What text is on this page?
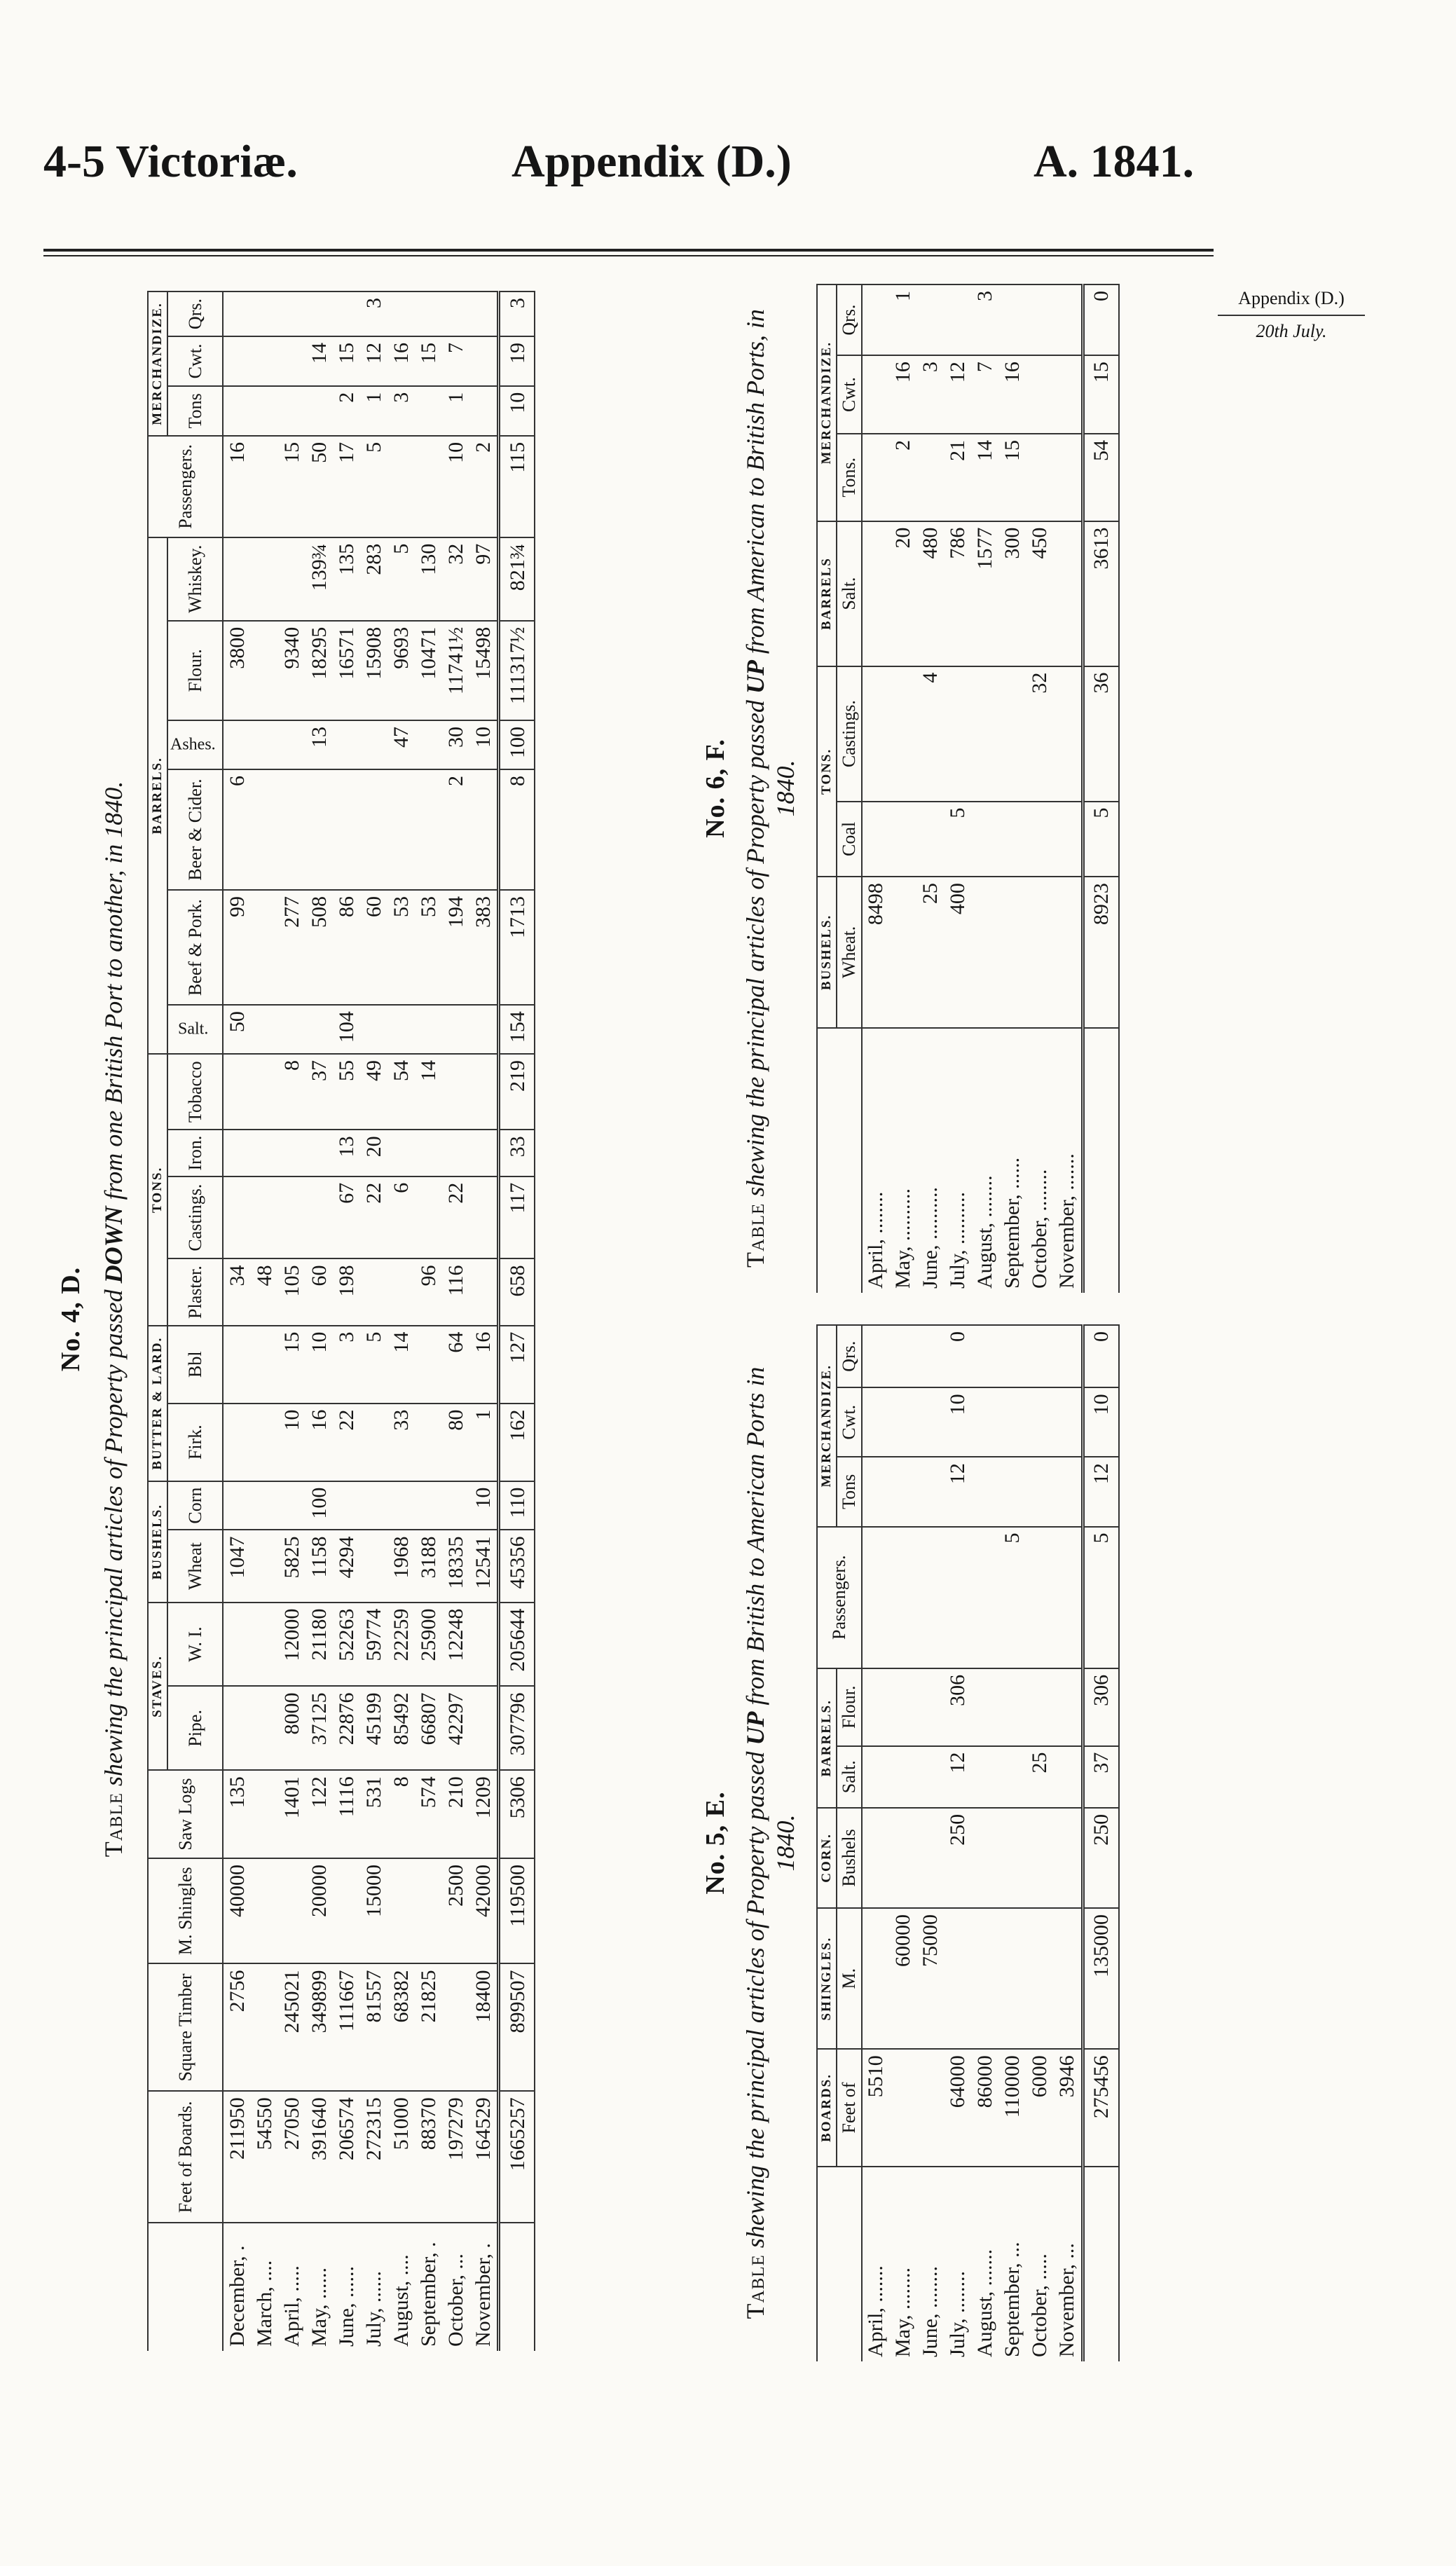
4-5 Victoriæ.	Appendix (D.)	A. 1841.
Appendix (D.)
20th July.
No. 4, D.
Table shewing the principal articles of Property passed DOWN from one British Port to another, in 1840.
	Feet of Boards.	Square Timber	M. Shingles	Saw Logs	STAVES.		BUSHELS.		BUTTER & LARD.		TONS.				BARRELS.						Passengers.	MERCHANDIZE.		
					Pipe.	W. I.	Wheat	Corn	Firk.	Bbl	Plaster.	Castings.	Iron.	Tobacco	Salt.	Beef & Pork.	Beer & Cider.	Ashes.	Flour.	Whiskey.		Tons	Cwt.	Qrs.
December, .	211950	2756	40000	135			1047				34				50	99	6		3800		16			
March, ....	54550										48													
April, .....	27050	245021		1401	8000	12000	5825		10	15	105			8		277			9340		15			
May, ......	391640	349899	20000	122	37125	21180	1158	100	16	10	60			37		508		13	18295	139¾	50		14	
June, ......	206574	111667		1116	22876	52263	4294		22	3	198	67	13	55	104	86			16571	135	17	2	15	
July, ......	272315	81557	15000	531	45199	59774				5		22	20	49		60			15908	283	5	1	12	3
August, ....	51000	68382		8	85492	22259	1968		33	14		6		54		53		47	9693	5		3	16	
September, .	88370	21825		574	66807	25900	3188				96			14		53			10471	130			15	
October, ...	197279		2500	210	42297	12248	18335		80	64	116	22				194	2	30	11741½	32	10	1	7	
November, .	164529	18400	42000	1209			12541	10	1	16						383		10	15498	97	2			
	1665257	899507	119500	5306	307796	205644	45356	110	162	127	658	117	33	219	154	1713	8	100	111317½	821¾	115	10	19	3
No. 5, E.
Table shewing the principal articles of Property passed UP from British to American Ports in 1840.
	BOARDS.	SHINGLES.	CORN.	BARRELS.		Passengers.	MERCHANDIZE.		
	Feet of	M.	Bushels	Salt.	Flour.		Tons	Cwt.	Qrs.
April, .......	5510								
May, ........		60000							
June, ........		75000							
July, ........	64000		250	12	306		12	10	0
August, .......	86000								
September, ...	110000					5			
October, .....	6000			25					
November, ...	3946								
	275456	135000	250	37	306	5	12	10	0
No. 6, F.
Table shewing the principal articles of Property passed UP from American to British Ports, in 1840.
	BUSHELS.	TONS.		BARRELS	MERCHANDIZE.		
	Wheat.	Coal	Castings.	Salt.	Tons.	Cwt.	Qrs.
April, ........	8498						
May, ..........				20	2	16	1
June, ..........	25		4	480		3	
July, ..........	400	5		786	21	12	
August, ........				1577	14	7	3
September, ......				300	15	16	
October, ........			32	450			
November, .......							
	8923	5	36	3613	54	15	0
